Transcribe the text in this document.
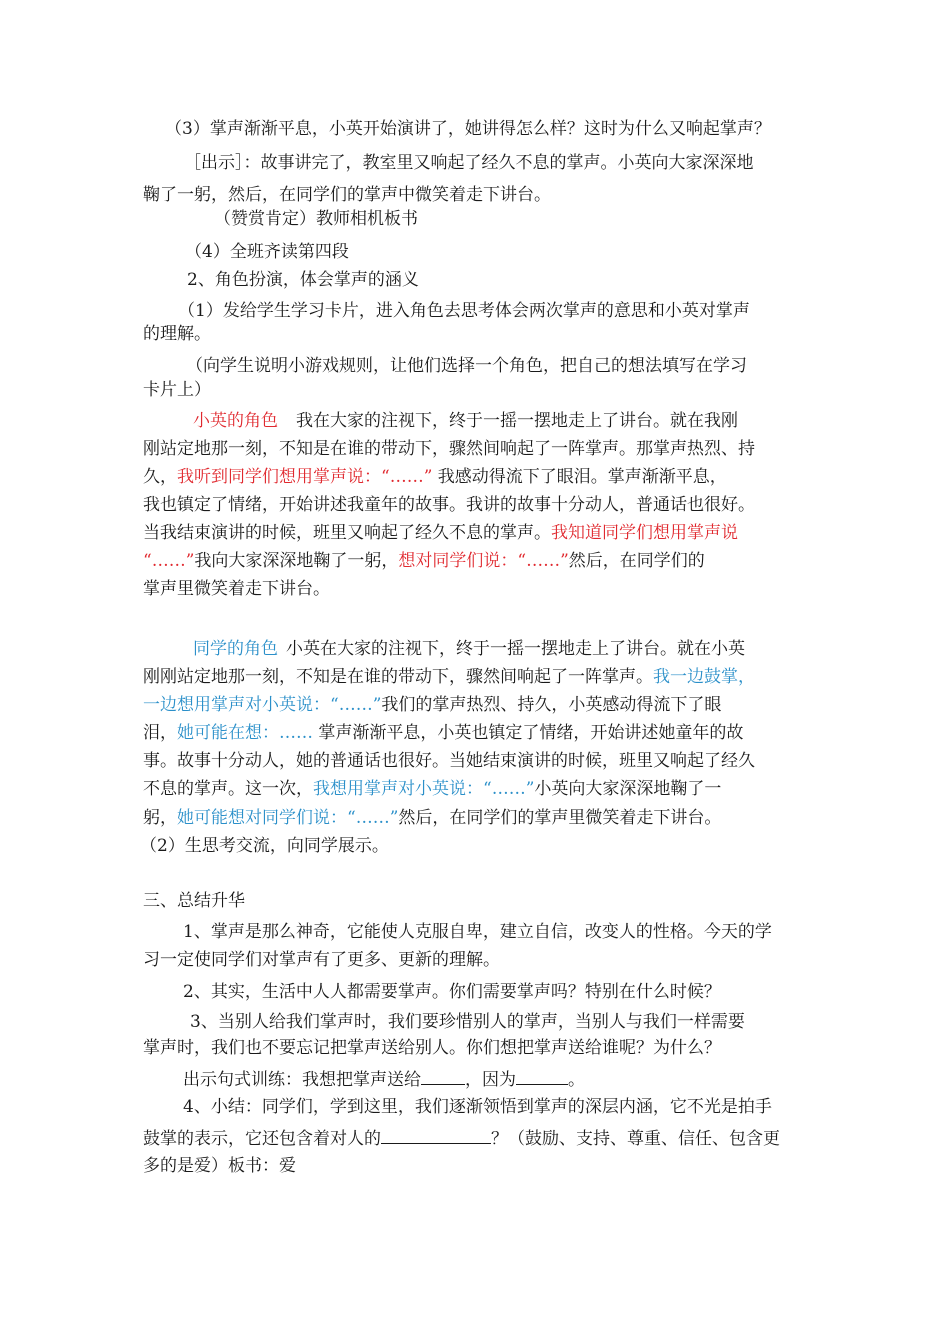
（3）掌声渐渐平息，小英开始演讲了，她讲得怎么样？这时为什么又响起掌声？
［出示］：故事讲完了，教室里又响起了经久不息的掌声。小英向大家深深地
鞠了一躬，然后，在同学们的掌声中微笑着走下讲台。
（赞赏肯定）教师相机板书
（4）全班齐读第四段
2、角色扮演，体会掌声的涵义
（1）发给学生学习卡片，进入角色去思考体会两次掌声的意思和小英对掌声
的理解。
（向学生说明小游戏规则，让他们选择一个角色，把自己的想法填写在学习
卡片上）
小英的角色 我在大家的注视下，终于一摇一摆地走上了讲台。就在我刚
刚站定地那一刻，不知是在谁的带动下，骤然间响起了一阵掌声。那掌声热烈、持
久，我听到同学们想用掌声说：“……” 我感动得流下了眼泪。掌声渐渐平息，
我也镇定了情绪，开始讲述我童年的故事。我讲的故事十分动人，普通话也很好。
当我结束演讲的时候，班里又响起了经久不息的掌声。我知道同学们想用掌声说
“……”我向大家深深地鞠了一躬，想对同学们说：“……”然后，在同学们的
掌声里微笑着走下讲台。
同学的角色 小英在大家的注视下，终于一摇一摆地走上了讲台。就在小英
刚刚站定地那一刻，不知是在谁的带动下，骤然间响起了一阵掌声。我一边鼓掌，
一边想用掌声对小英说：“……”我们的掌声热烈、持久，小英感动得流下了眼
泪，她可能在想：…… 掌声渐渐平息，小英也镇定了情绪，开始讲述她童年的故
事。故事十分动人，她的普通话也很好。当她结束演讲的时候，班里又响起了经久
不息的掌声。这一次，我想用掌声对小英说：“……”小英向大家深深地鞠了一
躬，她可能想对同学们说：“……”然后，在同学们的掌声里微笑着走下讲台。
（2）生思考交流，向同学展示。
三、总结升华
1、掌声是那么神奇，它能使人克服自卑，建立自信，改变人的性格。今天的学
习一定使同学们对掌声有了更多、更新的理解。
2、其实，生活中人人都需要掌声。你们需要掌声吗？特别在什么时候？
3、当别人给我们掌声时，我们要珍惜别人的掌声，当别人与我们一样需要
掌声时，我们也不要忘记把掌声送给别人。你们想把掌声送给谁呢？为什么？
出示句式训练：我想把掌声送给	，因为	。
4、小结：同学们，学到这里，我们逐渐领悟到掌声的深层内涵，它不光是拍手
鼓掌的表示，它还包含着对人的	？（鼓励、支持、尊重、信任、包含更
多的是爱）板书：爱
